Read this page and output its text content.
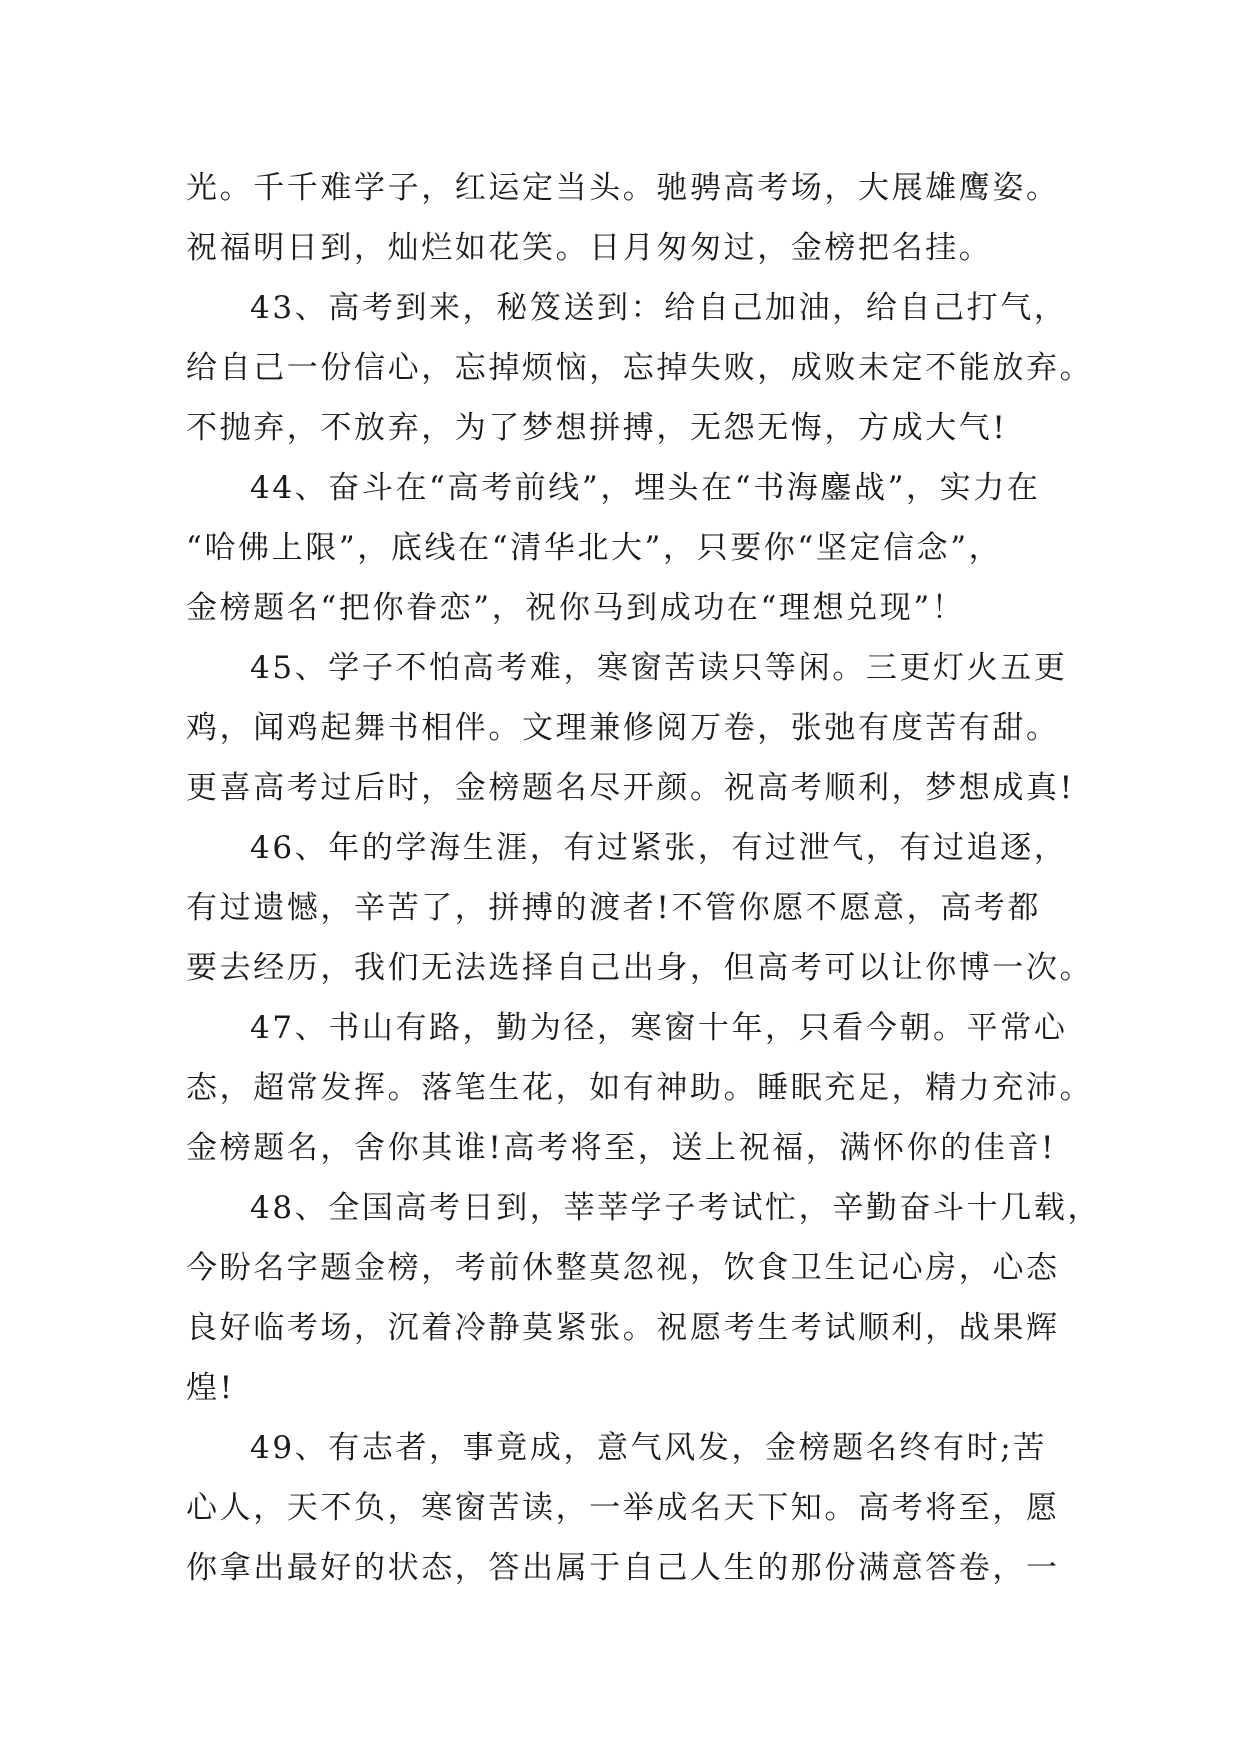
光。千千难学子，红运定当头。驰骋高考场，大展雄鹰姿。
祝福明日到，灿烂如花笑。日月匆匆过，金榜把名挂。
43、高考到来，秘笈送到：给自己加油，给自己打气，
给自己一份信心，忘掉烦恼，忘掉失败，成败未定不能放弃。
不抛弃，不放弃，为了梦想拼搏，无怨无悔，方成大气!
44、奋斗在“高考前线”，埋头在“书海鏖战”，实力在
“哈佛上限”，底线在“清华北大”，只要你“坚定信念”，
金榜题名“把你眷恋”，祝你马到成功在“理想兑现”！
45、学子不怕高考难，寒窗苦读只等闲。三更灯火五更
鸡，闻鸡起舞书相伴。文理兼修阅万卷，张弛有度苦有甜。
更喜高考过后时，金榜题名尽开颜。祝高考顺利，梦想成真!
46、年的学海生涯，有过紧张，有过泄气，有过追逐，
有过遗憾，辛苦了，拼搏的渡者!不管你愿不愿意，高考都
要去经历，我们无法选择自己出身，但高考可以让你博一次。
47、书山有路，勤为径，寒窗十年，只看今朝。平常心
态，超常发挥。落笔生花，如有神助。睡眠充足，精力充沛。
金榜题名，舍你其谁!高考将至，送上祝福，满怀你的佳音!
48、全国高考日到，莘莘学子考试忙，辛勤奋斗十几载，
今盼名字题金榜，考前休整莫忽视，饮食卫生记心房，心态
良好临考场，沉着冷静莫紧张。祝愿考生考试顺利，战果辉
煌!
49、有志者，事竟成，意气风发，金榜题名终有时;苦
心人，天不负，寒窗苦读，一举成名天下知。高考将至，愿
你拿出最好的状态，答出属于自己人生的那份满意答卷，一
